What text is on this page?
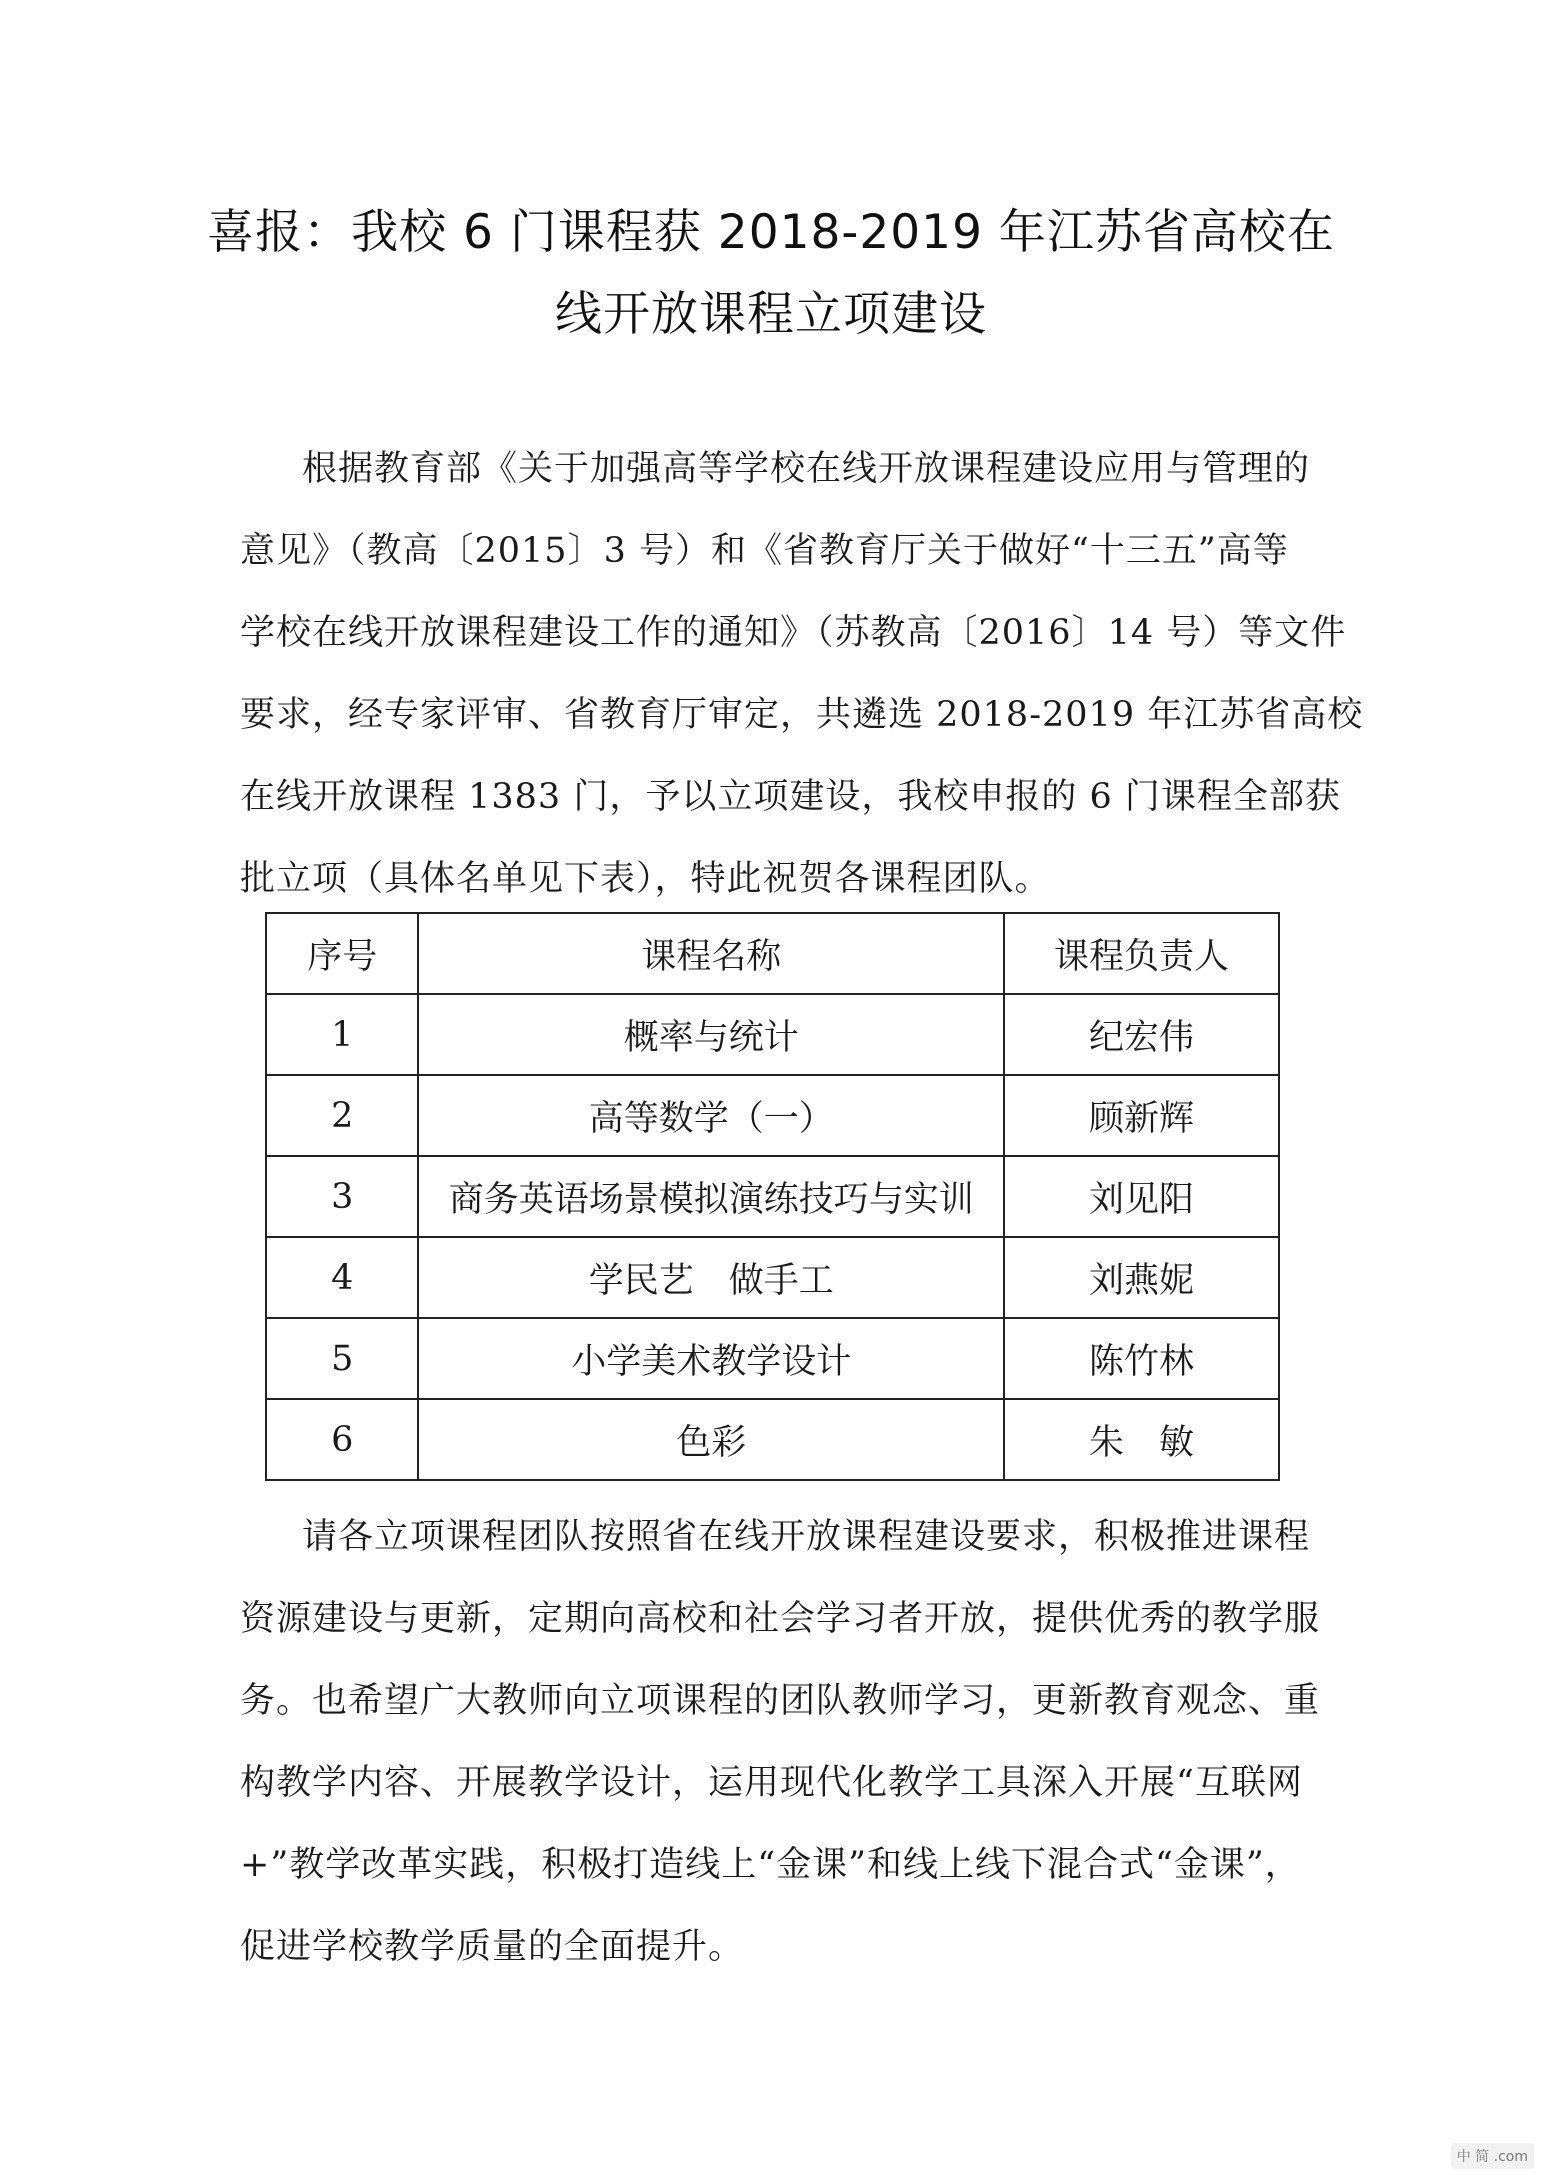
喜报：我校 6 门课程获 2018-2019 年江苏省高校在
线开放课程立项建设
根据教育部《关于加强高等学校在线开放课程建设应用与管理的
意见》（教高〔2015〕3 号）和《省教育厅关于做好“十三五”高等
学校在线开放课程建设工作的通知》（苏教高〔2016〕14 号）等文件
要求，经专家评审、省教育厅审定，共遴选 2018-2019 年江苏省高校
在线开放课程 1383 门，予以立项建设，我校申报的 6 门课程全部获
批立项（具体名单见下表），特此祝贺各课程团队。
序号	课程名称	课程负责人
1	概率与统计	纪宏伟
2	高等数学（一）	顾新辉
3	商务英语场景模拟演练技巧与实训	刘见阳
4	学民艺　做手工	刘燕妮
5	小学美术教学设计	陈竹林
6	色彩	朱　敏
请各立项课程团队按照省在线开放课程建设要求，积极推进课程
资源建设与更新，定期向高校和社会学习者开放，提供优秀的教学服
务。也希望广大教师向立项课程的团队教师学习，更新教育观念、重
构教学内容、开展教学设计，运用现代化教学工具深入开展“互联网
+”教学改革实践，积极打造线上“金课”和线上线下混合式“金课”，
促进学校教学质量的全面提升。
中 简 .com
